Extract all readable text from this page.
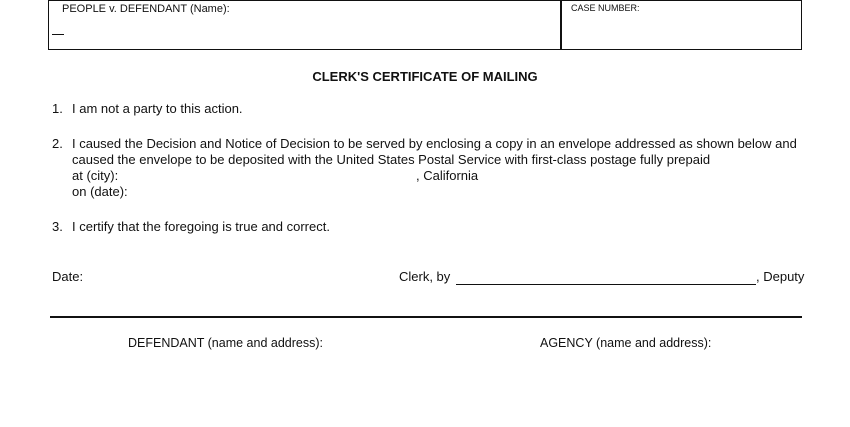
PEOPLE v. DEFENDANT (Name):	CASE NUMBER:
CLERK'S CERTIFICATE OF MAILING
1. I am not a party to this action.
2. I caused the Decision and Notice of Decision to be served by enclosing a copy in an envelope addressed as shown below and
caused the envelope to be deposited with the United States Postal Service with first-class postage fully prepaid
at (city):	, California
on (date):
3. I certify that the foregoing is true and correct.
Date:	Clerk, by	, Deputy
DEFENDANT (name and address):	AGENCY (name and address):
